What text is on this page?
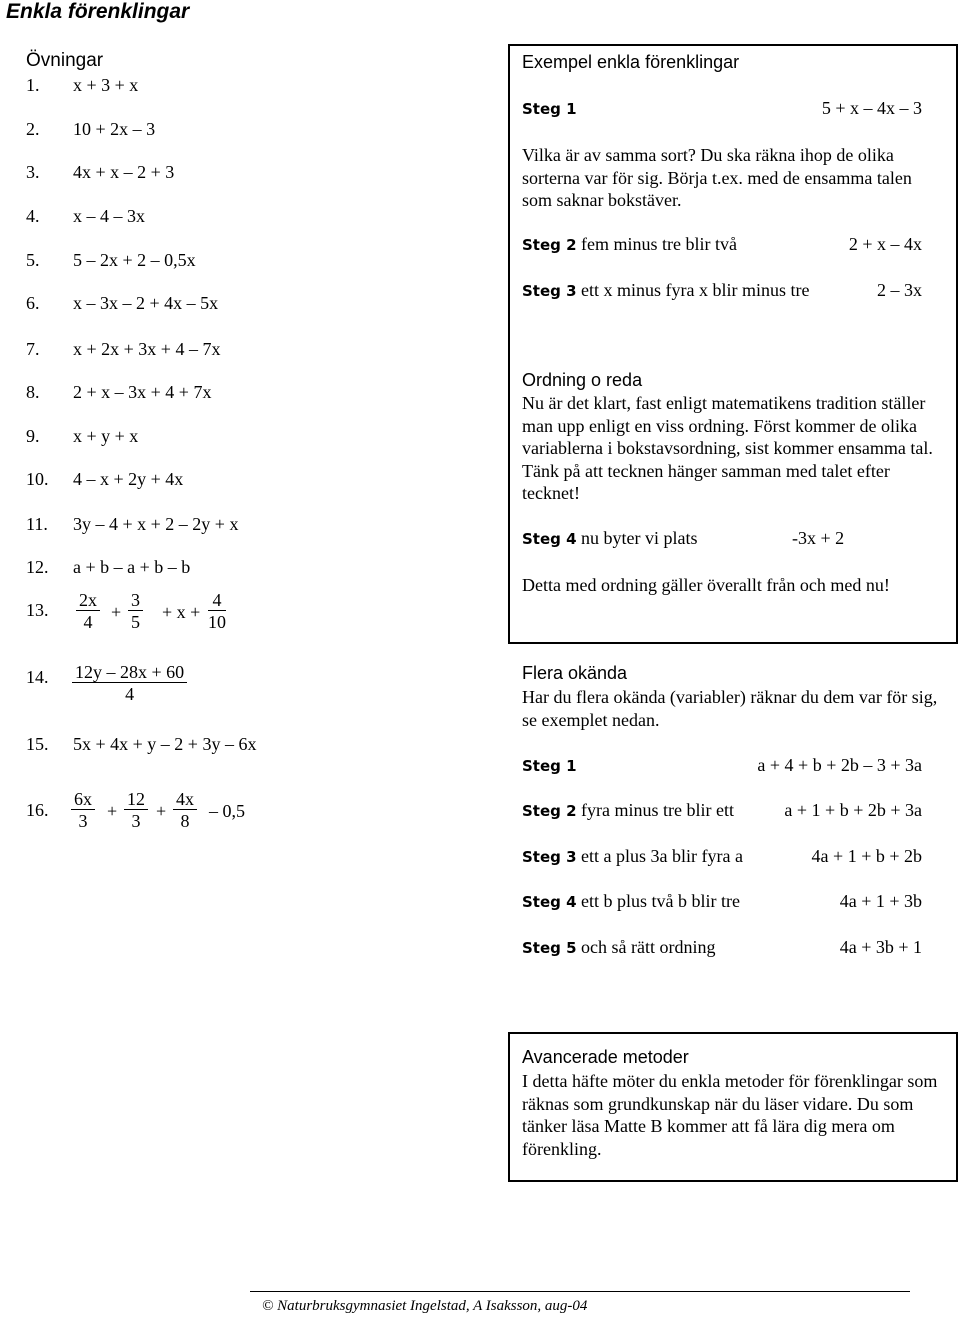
Enkla förenklingar
Övningar
1. x + 3 + x
2. 10 + 2x – 3
3. 4x + x – 2 + 3
4. x – 4 – 3x
5. 5 – 2x + 2 – 0,5x
6. x – 3x – 2 + 4x – 5x
7. x + 2x + 3x + 4 – 7x
8. 2 + x – 3x + 4 + 7x
9. x + y + x
10. 4 – x + 2y + 4x
11. 3y – 4 + x + 2 – 2y + x
12. a + b – a + b – b
13. $\frac{2x}{4} + \frac{3}{5} + x + \frac{4}{10}$
14. $\frac{12y - 28x + 60}{4}$
15. 5x + 4x + y – 2 + 3y – 6x
16. $\frac{6x}{3} + \frac{12}{3} + \frac{4x}{8} - 0,5$
Exempel enkla förenklingar
Steg 1	5 + x – 4x – 3
Vilka är av samma sort? Du ska räkna ihop de olika sorterna var för sig. Börja t.ex. med de ensamma talen som saknar bokstäver.
Steg 2 fem minus tre blir två	2 + x – 4x
Steg 3 ett x minus fyra x blir minus tre	2 – 3x
Ordning o reda
Nu är det klart, fast enligt matematikens tradition ställer man upp enligt en viss ordning. Först kommer de olika variablerna i bokstavsordning, sist kommer ensamma tal. Tänk på att tecknen hänger samman med talet efter tecknet!
Steg 4 nu byter vi plats	-3x + 2
Detta med ordning gäller överallt från och med nu!
Flera okända
Har du flera okända (variabler) räknar du dem var för sig, se exemplet nedan.
Steg 1	a + 4 + b + 2b – 3 + 3a
Steg 2 fyra minus tre blir ett	a + 1 + b + 2b + 3a
Steg 3 ett a plus 3a blir fyra a	4a + 1 + b + 2b
Steg 4 ett b plus två b blir tre	4a + 1 + 3b
Steg 5 och så rätt ordning	4a + 3b + 1
Avancerade metoder
I detta häfte möter du enkla metoder för förenklingar som räknas som grundkunskap när du läser vidare. Du som tänker läsa Matte B kommer att få lära dig mera om förenkling.
© Naturbruksgymnasiet Ingelstad, A Isaksson, aug-04
